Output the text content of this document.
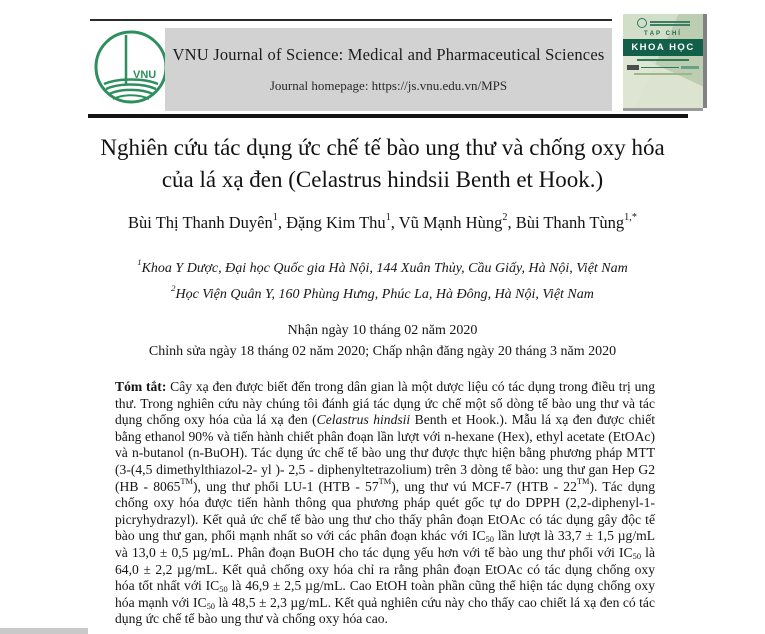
VNU
VNU Journal of Science: Medical and Pharmaceutical Sciences
Journal homepage: https://js.vnu.edu.vn/MPS
TẠP CHÍ
KHOA HỌC
Nghiên cứu tác dụng ức chế tế bào ung thư và chống oxy hóa
của lá xạ đen (Celastrus hindsii Benth et Hook.)
Bùi Thị Thanh Duyên$^1$, Đặng Kim Thu$^1$, Vũ Mạnh Hùng$^2$, Bùi Thanh Tùng$^{1,*}$
$^1$Khoa Y Dược, Đại học Quốc gia Hà Nội, 144 Xuân Thủy, Cầu Giấy, Hà Nội, Việt Nam
$^2$Học Viện Quân Y, 160 Phùng Hưng, Phúc La, Hà Đông, Hà Nội, Việt Nam
Nhận ngày 10 tháng 02 năm 2020
Chỉnh sửa ngày 18 tháng 02 năm 2020; Chấp nhận đăng ngày 20 tháng 3 năm 2020
Tóm tắt: Cây xạ đen được biết đến trong dân gian là một dược liệu có tác dụng trong điều trị ung thư. Trong nghiên cứu này chúng tôi đánh giá tác dụng ức chế một số dòng tế bào ung thư và tác dụng chống oxy hóa của lá xạ đen (Celastrus hindsii Benth et Hook.). Mẫu lá xạ đen được chiết bằng ethanol 90% và tiến hành chiết phân đoạn lần lượt với n-hexane (Hex), ethyl acetate (EtOAc) và n-butanol (n-BuOH). Tác dụng ức chế tế bào ung thư được thực hiện bằng phương pháp MTT (3-(4,5 dimethylthiazol-2- yl )- 2,5 - diphenyltetrazolium) trên 3 dòng tế bào: ung thư gan Hep G2 (HB - 8065™), ung thư phổi LU-1 (HTB - 57™), ung thư vú MCF-7 (HTB - 22™). Tác dụng chống oxy hóa được tiến hành thông qua phương pháp quét gốc tự do DPPH (2,2-diphenyl-1-picryhydrazyl). Kết quả ức chế tế bào ung thư cho thấy phân đoạn EtOAc có tác dụng gây độc tế bào ung thư gan, phổi mạnh nhất so với các phân đoạn khác với $IC_{50}$ lần lượt là 33,7 ± 1,5 µg/mL và 13,0 ± 0,5 µg/mL. Phân đoạn BuOH cho tác dụng yếu hơn với tế bào ung thư phổi với $IC_{50}$ là 64,0 ± 2,2 µg/mL. Kết quả chống oxy hóa chỉ ra rằng phân đoạn EtOAc có tác dụng chống oxy hóa tốt nhất với $IC_{50}$ là 46,9 ± 2,5 µg/mL. Cao EtOH toàn phần cũng thể hiện tác dụng chống oxy hóa mạnh với $IC_{50}$ là 48,5 ± 2,3 µg/mL. Kết quả nghiên cứu này cho thấy cao chiết lá xạ đen có tác dụng ức chế tế bào ung thư và chống oxy hóa cao.
